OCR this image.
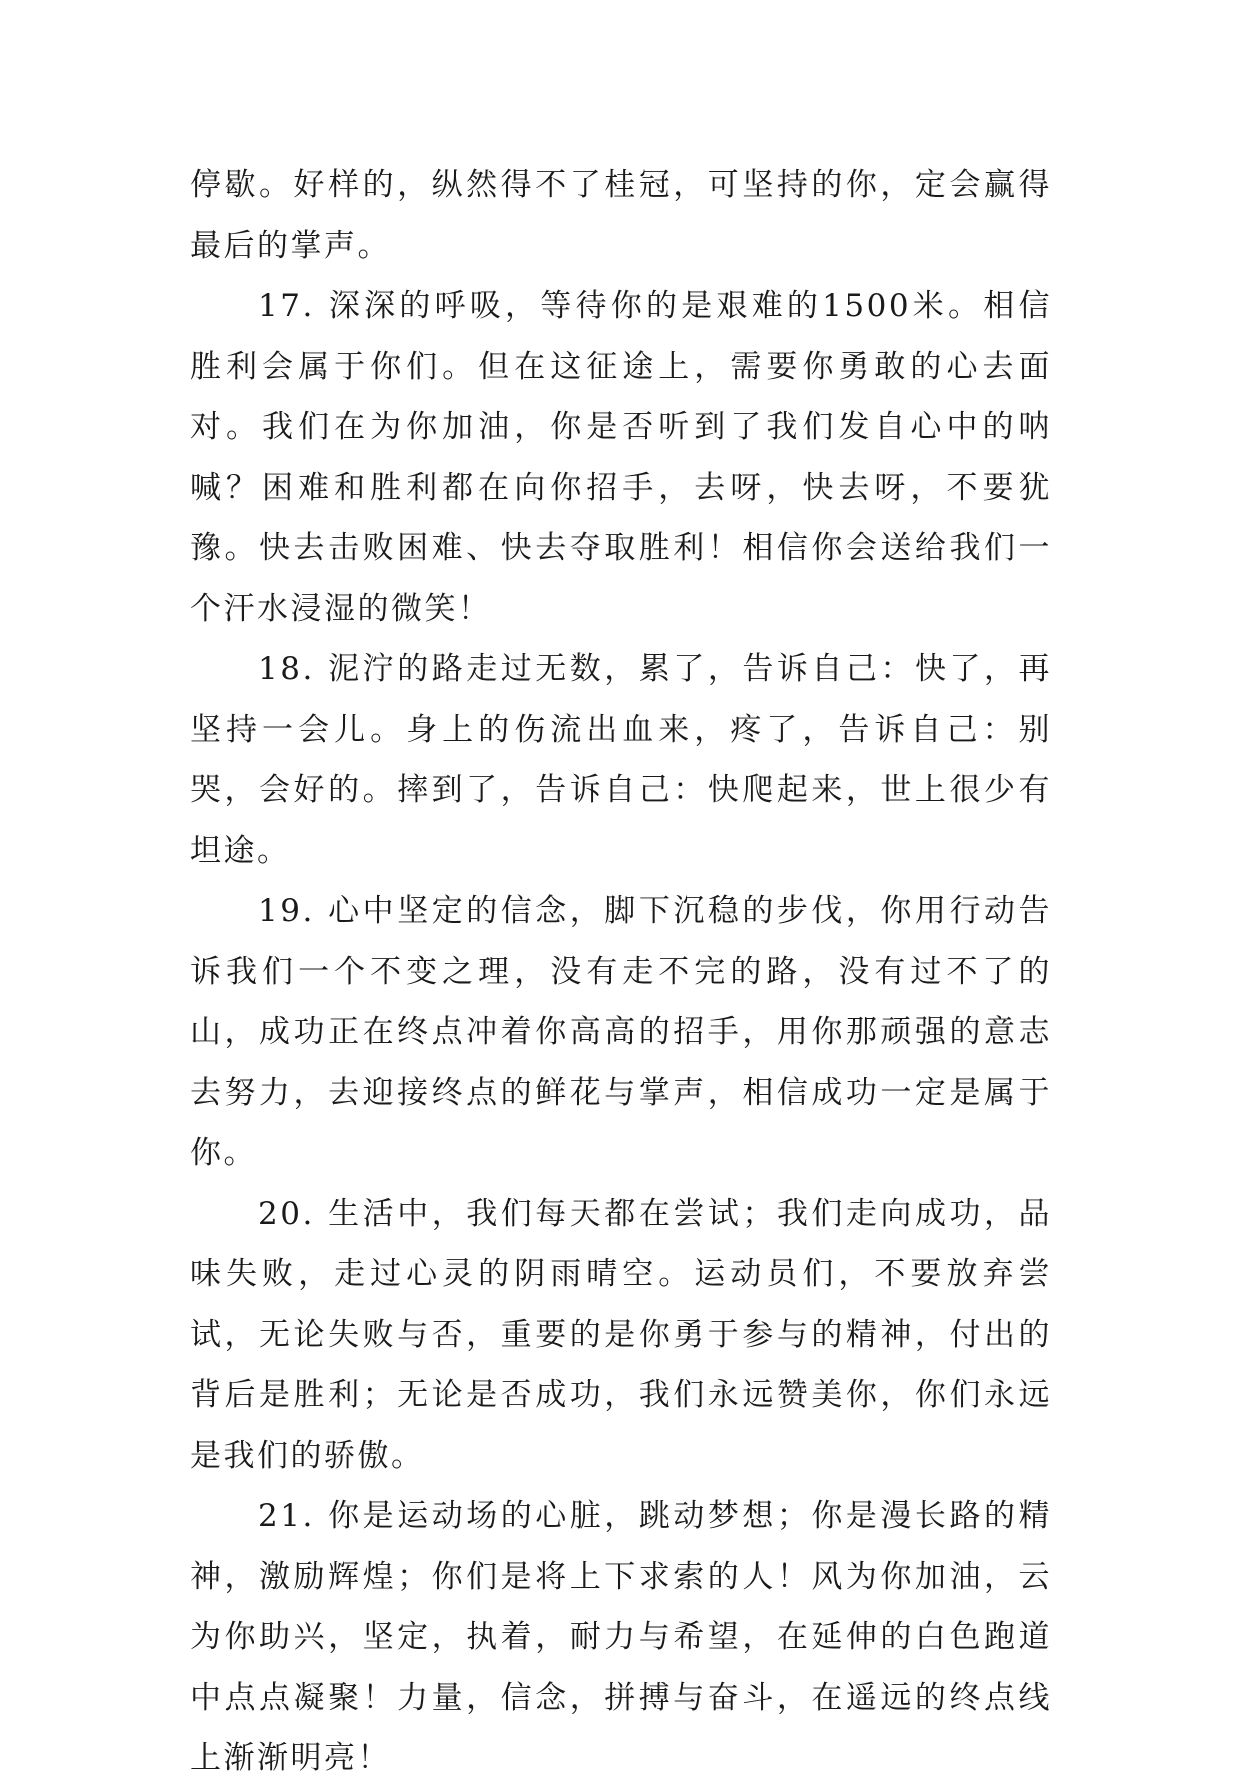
停歇。好样的，纵然得不了桂冠，可坚持的你，定会赢得最后的掌声。

17. 深深的呼吸，等待你的是艰难的1500米。相信胜利会属于你们。但在这征途上，需要你勇敢的心去面对。我们在为你加油，你是否听到了我们发自心中的呐喊？困难和胜利都在向你招手，去呀，快去呀，不要犹豫。快去击败困难、快去夺取胜利！相信你会送给我们一个汗水浸湿的微笑！

18. 泥泞的路走过无数，累了，告诉自己：快了，再坚持一会儿。身上的伤流出血来，疼了，告诉自己：别哭，会好的。摔到了，告诉自己：快爬起来，世上很少有坦途。

19. 心中坚定的信念，脚下沉稳的步伐，你用行动告诉我们一个不变之理，没有走不完的路，没有过不了的山，成功正在终点冲着你高高的招手，用你那顽强的意志去努力，去迎接终点的鲜花与掌声，相信成功一定是属于你。

20. 生活中，我们每天都在尝试；我们走向成功，品味失败，走过心灵的阴雨晴空。运动员们，不要放弃尝试，无论失败与否，重要的是你勇于参与的精神，付出的背后是胜利；无论是否成功，我们永远赞美你，你们永远是我们的骄傲。

21. 你是运动场的心脏，跳动梦想；你是漫长路的精神，激励辉煌；你们是将上下求索的人！风为你加油，云为你助兴，坚定，执着，耐力与希望，在延伸的白色跑道中点点凝聚！力量，信念，拼搏与奋斗，在遥远的终点线上渐渐明亮！
